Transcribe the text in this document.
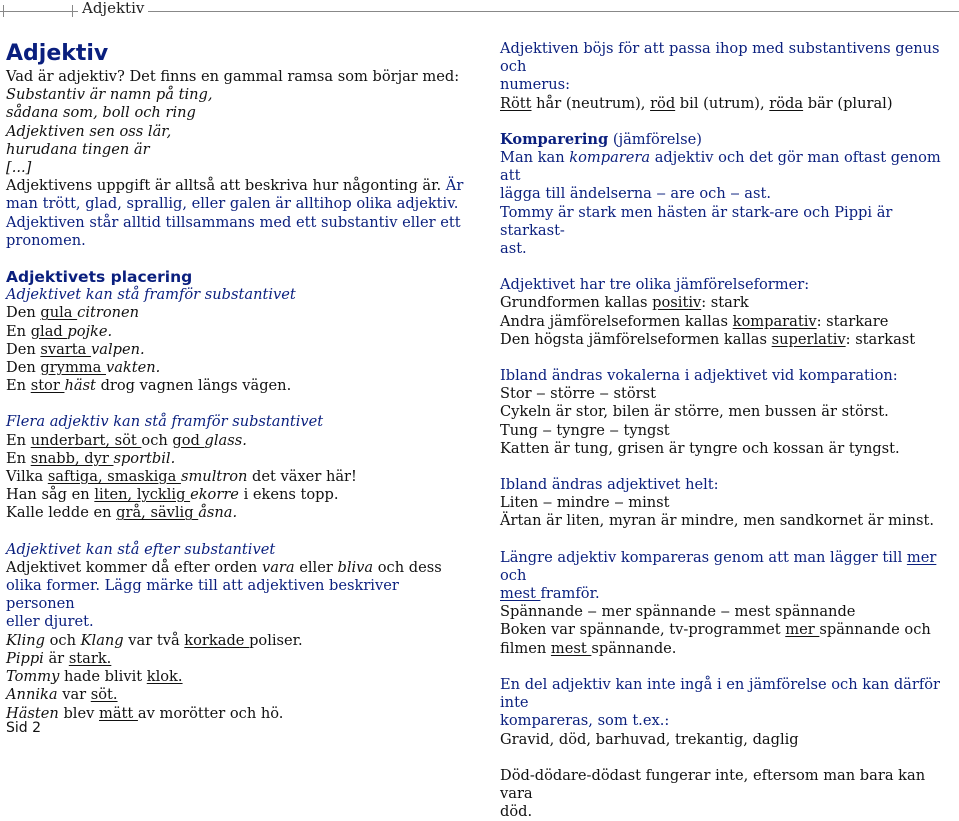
Adjektiv
Adjektiv

Vad är adjektiv? Det finns en gammal ramsa som börjar med:

Substantiv är namn på ting,

sådana som, boll och ring

Adjektiven sen oss lär,

hurudana tingen är

[...]

Adjektivens uppgift är alltså att beskriva hur någonting är. Är

man trött, glad, sprallig, eller galen är alltihop olika adjektiv.

Adjektiven står alltid tillsammans med ett substantiv eller ett

pronomen.

Adjektivets placering

Adjektivet kan stå framför substantivet

Den gula citronen

En glad pojke.

Den svarta valpen.

Den grymma vakten.

En stor häst drog vagnen längs vägen.

Flera adjektiv kan stå framför substantivet

En underbart, söt och god glass.

En snabb, dyr sportbil.

Vilka saftiga, smaskiga smultron det växer här!

Han såg en liten, lycklig ekorre i ekens topp.

Kalle ledde en grå, sävlig åsna.

Adjektivet kan stå efter substantivet

Adjektivet kommer då efter orden vara eller bliva och dess

olika former. Lägg märke till att adjektiven beskriver personen

eller djuret.

Kling och Klang var två korkade poliser.

Pippi är stark.

Tommy hade blivit klok.

Annika var söt.

Hästen blev mätt av morötter och hö.

Adjektiven böjs för att passa ihop med substantivens genus och

numerus:

Rött hår (neutrum), röd bil (utrum), röda bär (plural)

Komparering (jämförelse)

Man kan komparera adjektiv och det gör man oftast genom att

lägga till ändelserna ‒ are och ‒ ast.

Tommy är stark men hästen är stark-are och Pippi är starkast-

ast.

Adjektivet har tre olika jämförelseformer:

Grundformen kallas positiv: stark

Andra jämförelseformen kallas komparativ: starkare

Den högsta jämförelseformen kallas superlativ: starkast

Ibland ändras vokalerna i adjektivet vid komparation:

Stor ‒ större ‒ störst

Cykeln är stor, bilen är större, men bussen är störst.

Tung ‒ tyngre ‒ tyngst

Katten är tung, grisen är tyngre och kossan är tyngst.

Ibland ändras adjektivet helt:

Liten ‒ mindre ‒ minst

Ärtan är liten, myran är mindre, men sandkornet är minst.

Längre adjektiv kompareras genom att man lägger till mer och

mest framför.

Spännande ‒ mer spännande ‒ mest spännande

Boken var spännande, tv-programmet mer spännande och

filmen mest spännande.

En del adjektiv kan inte ingå i en jämförelse och kan därför inte

kompareras, som t.ex.:

Gravid, död, barhuvad, trekantig, daglig

Död-dödare-dödast fungerar inte, eftersom man bara kan vara

död.

Sid 2
